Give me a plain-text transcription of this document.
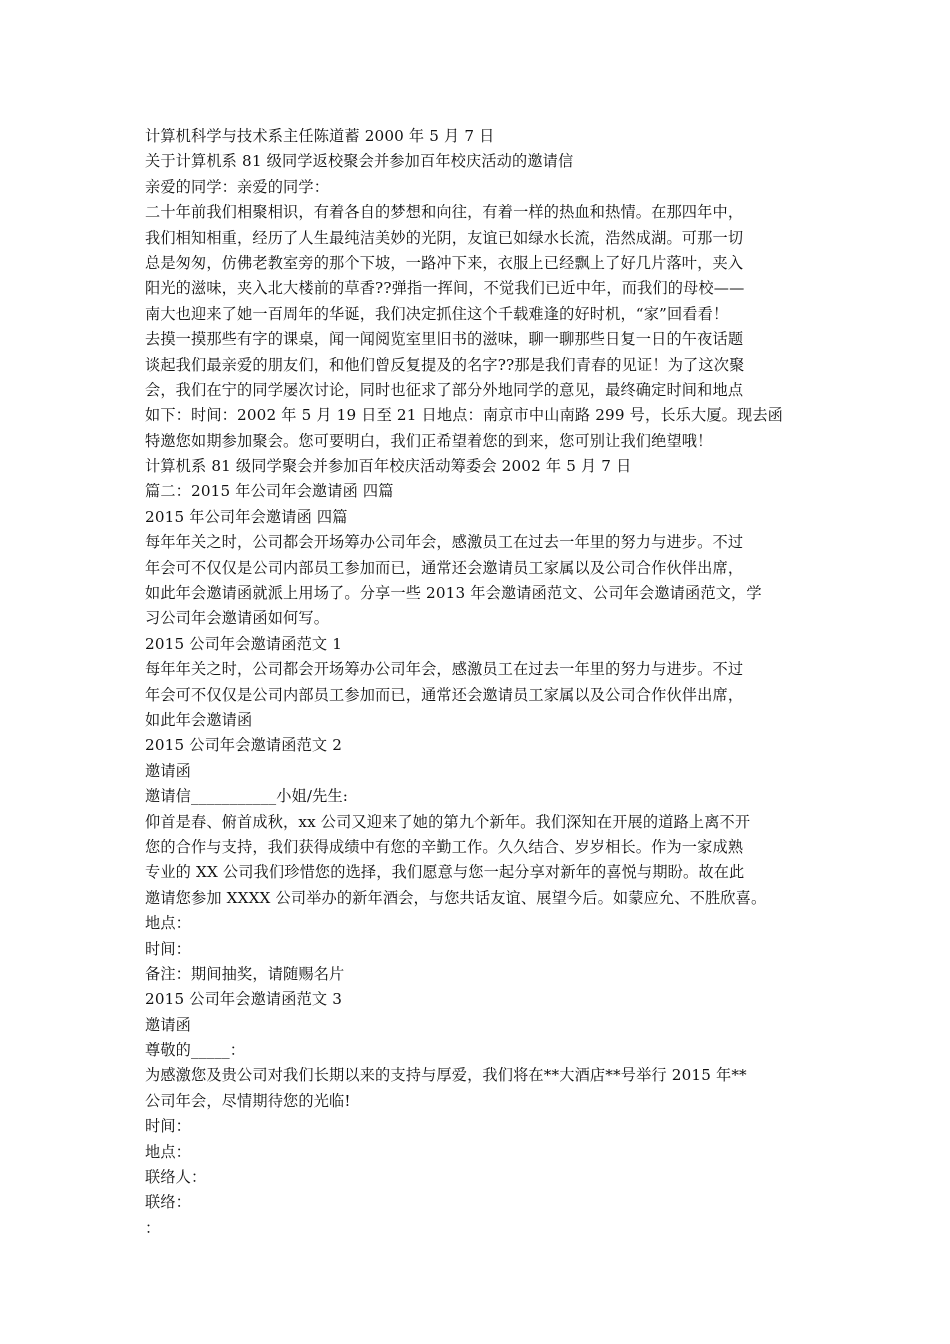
计算机科学与技术系主任陈道蓄 2000 年 5 月 7 日
关于计算机系 81 级同学返校聚会并参加百年校庆活动的邀请信
亲爱的同学：亲爱的同学：
二十年前我们相聚相识，有着各自的梦想和向往，有着一样的热血和热情。在那四年中，
我们相知相重，经历了人生最纯洁美妙的光阴，友谊已如绿水长流，浩然成湖。可那一切
总是匆匆，仿佛老教室旁的那个下坡，一路冲下来，衣服上已经飘上了好几片落叶，夹入
阳光的滋味，夹入北大楼前的草香??弹指一挥间，不觉我们已近中年，而我们的母校——
南大也迎来了她一百周年的华诞，我们决定抓住这个千载难逢的好时机，“家”回看看！
去摸一摸那些有字的课桌，闻一闻阅览室里旧书的滋味，聊一聊那些日复一日的午夜话题
谈起我们最亲爱的朋友们，和他们曾反复提及的名字??那是我们青春的见证！为了这次聚
会，我们在宁的同学屡次讨论，同时也征求了部分外地同学的意见，最终确定时间和地点
如下：时间：2002 年 5 月 19 日至 21 日地点：南京市中山南路 299 号，长乐大厦。现去函
特邀您如期参加聚会。您可要明白，我们正希望着您的到来，您可别让我们绝望哦！
计算机系 81 级同学聚会并参加百年校庆活动筹委会 2002 年 5 月 7 日
篇二：2015 年公司年会邀请函 四篇
2015 年公司年会邀请函 四篇
每年年关之时，公司都会开场筹办公司年会，感激员工在过去一年里的努力与进步。不过
年会可不仅仅是公司内部员工参加而已，通常还会邀请员工家属以及公司合作伙伴出席，
如此年会邀请函就派上用场了。分享一些 2013 年会邀请函范文、公司年会邀请函范文，学
习公司年会邀请函如何写。
2015 公司年会邀请函范文 1
每年年关之时，公司都会开场筹办公司年会，感激员工在过去一年里的努力与进步。不过
年会可不仅仅是公司内部员工参加而已，通常还会邀请员工家属以及公司合作伙伴出席，
如此年会邀请函
2015 公司年会邀请函范文 2
邀请函
邀请信___________小姐/先生:
仰首是春、俯首成秋，xx 公司又迎来了她的第九个新年。我们深知在开展的道路上离不开
您的合作与支持，我们获得成绩中有您的辛勤工作。久久结合、岁岁相长。作为一家成熟
专业的 XX 公司我们珍惜您的选择，我们愿意与您一起分享对新年的喜悦与期盼。故在此
邀请您参加 XXXX 公司举办的新年酒会，与您共话友谊、展望今后。如蒙应允、不胜欣喜。
地点：
时间：
备注：期间抽奖，请随赐名片
2015 公司年会邀请函范文 3
邀请函
尊敬的_____：
为感激您及贵公司对我们长期以来的支持与厚爱，我们将在**大酒店**号举行 2015 年**
公司年会，尽情期待您的光临!
时间：
地点：
联络人：
联络：
：
